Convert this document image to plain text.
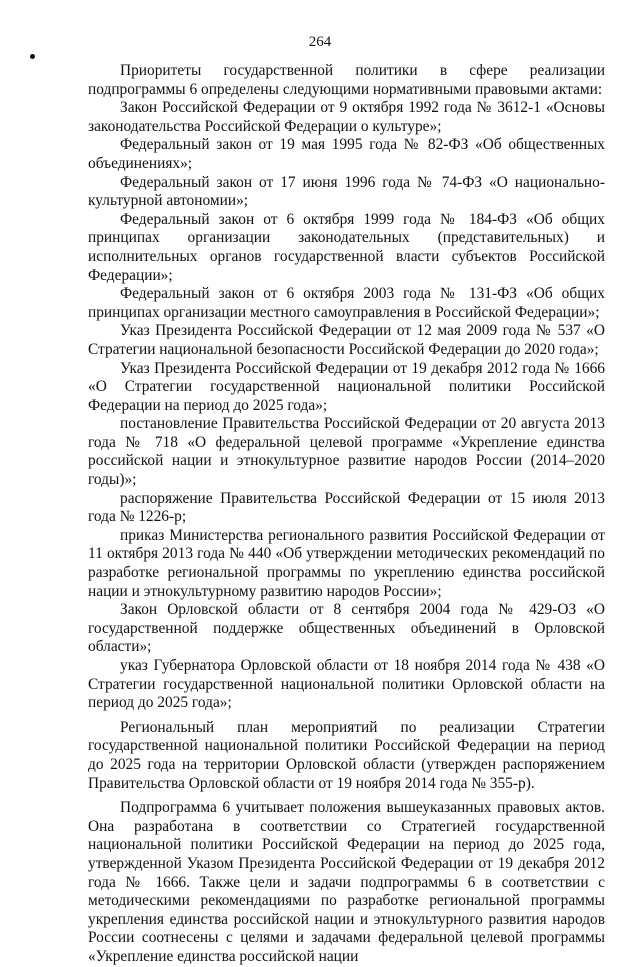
264

Приоритеты государственной политики в сфере реализации подпрограммы 6 определены следующими нормативными правовыми актами:

Закон Российской Федерации от 9 октября 1992 года № 3612-1 «Основы законодательства Российской Федерации о культуре»;

Федеральный закон от 19 мая 1995 года № 82-ФЗ «Об общественных объединениях»;

Федеральный закон от 17 июня 1996 года № 74-ФЗ «О национально-культурной автономии»;

Федеральный закон от 6 октября 1999 года № 184-ФЗ «Об общих принципах организации законодательных (представительных) и исполнительных органов государственной власти субъектов Российской Федерации»;

Федеральный закон от 6 октября 2003 года № 131-ФЗ «Об общих принципах организации местного самоуправления в Российской Федерации»;

Указ Президента Российской Федерации от 12 мая 2009 года № 537 «О Стратегии национальной безопасности Российской Федерации до 2020 года»;

Указ Президента Российской Федерации от 19 декабря 2012 года № 1666 «О Стратегии государственной национальной политики Российской Федерации на период до 2025 года»;

постановление Правительства Российской Федерации от 20 августа 2013 года № 718 «О федеральной целевой программе «Укрепление единства российской нации и этнокультурное развитие народов России (2014–2020 годы)»;

распоряжение Правительства Российской Федерации от 15 июля 2013 года № 1226-р;

приказ Министерства регионального развития Российской Федерации от 11 октября 2013 года № 440 «Об утверждении методических рекомендаций по разработке региональной программы по укреплению единства российской нации и этнокультурному развитию народов России»;

Закон Орловской области от 8 сентября 2004 года № 429-ОЗ «О государственной поддержке общественных объединений в Орловской области»;

указ Губернатора Орловской области от 18 ноября 2014 года № 438 «О Стратегии государственной национальной политики Орловской области на период до 2025 года»;

Региональный план мероприятий по реализации Стратегии государственной национальной политики Российской Федерации на период до 2025 года на территории Орловской области (утвержден распоряжением Правительства Орловской области от 19 ноября 2014 года № 355-р).

Подпрограмма 6 учитывает положения вышеуказанных правовых актов. Она разработана в соответствии со Стратегией государственной национальной политики Российской Федерации на период до 2025 года, утвержденной Указом Президента Российской Федерации от 19 декабря 2012 года № 1666. Также цели и задачи подпрограммы 6 в соответствии с методическими рекомендациями по разработке региональной программы укрепления единства российской нации и этнокультурного развития народов России соотнесены с целями и задачами федеральной целевой программы «Укрепление единства российской нации
